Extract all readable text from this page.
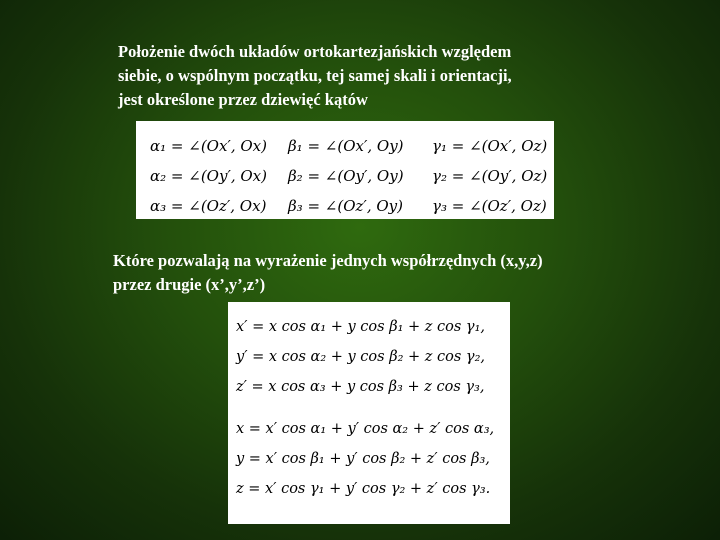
Położenie dwóch układów ortokartezjańskich względem
siebie, o wspólnym początku, tej samej skali i orientacji,
jest określone przez dziewięć kątów
α₁ = ∠(Ox′, Ox)	β₁ = ∠(Ox′, Oy)	γ₁ = ∠(Ox′, Oz)
α₂ = ∠(Oy′, Ox)	β₂ = ∠(Oy′, Oy)	γ₂ = ∠(Oy′, Oz)
α₃ = ∠(Oz′, Ox)	β₃ = ∠(Oz′, Oy)	γ₃ = ∠(Oz′, Oz)
Które pozwalają na wyrażenie jednych współrzędnych (x,y,z)
przez drugie (x’,y’,z’)
x′ = x cos α₁ + y cos β₁ + z cos γ₁,
y′ = x cos α₂ + y cos β₂ + z cos γ₂,
z′ = x cos α₃ + y cos β₃ + z cos γ₃,
x = x′ cos α₁ + y′ cos α₂ + z′ cos α₃,
y = x′ cos β₁ + y′ cos β₂ + z′ cos β₃,
z = x′ cos γ₁ + y′ cos γ₂ + z′ cos γ₃.
